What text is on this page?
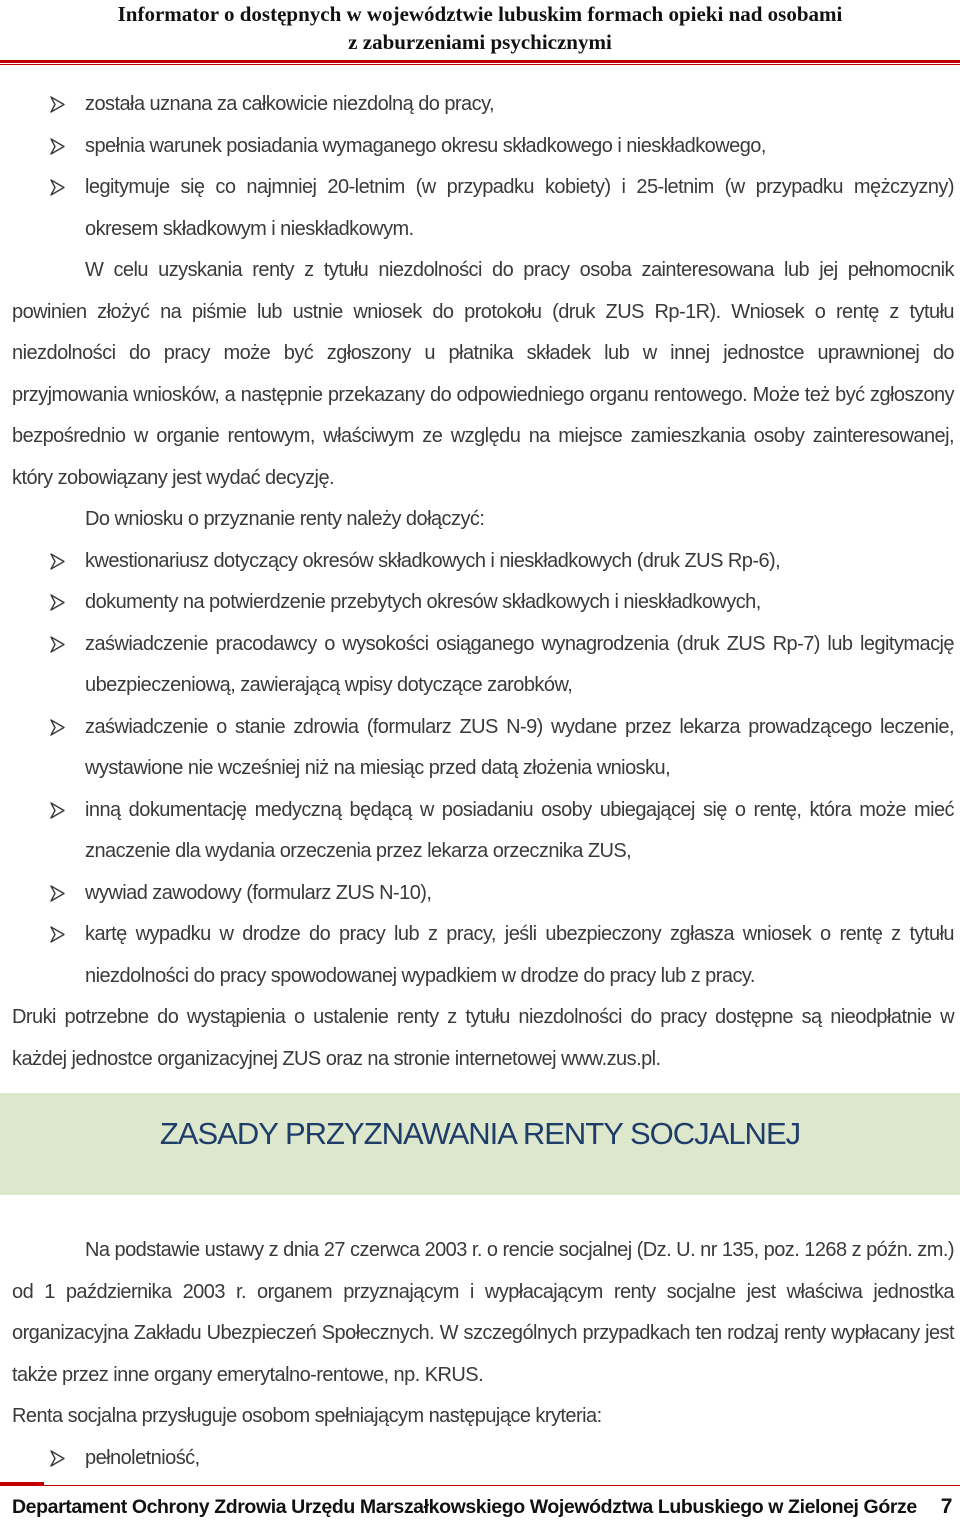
Informator o dostępnych w województwie lubuskim formach opieki nad osobami
z zaburzeniami psychicznymi
została uznana za całkowicie niezdolną do pracy,
spełnia warunek posiadania wymaganego okresu składkowego i nieskładkowego,
legitymuje się co najmniej 20-letnim (w przypadku kobiety) i 25-letnim (w przypadku mężczyzny) okresem składkowym i nieskładkowym.

W celu uzyskania renty z tytułu niezdolności do pracy osoba zainteresowana lub jej pełnomocnik powinien złożyć na piśmie lub ustnie wniosek do protokołu (druk ZUS Rp-1R). Wniosek o rentę z tytułu niezdolności do pracy może być zgłoszony u płatnika składek lub w innej jednostce uprawnionej do przyjmowania wniosków, a następnie przekazany do odpowiedniego organu rentowego. Może też być zgłoszony bezpośrednio w organie rentowym, właściwym ze względu na miejsce zamieszkania osoby zainteresowanej, który zobowiązany jest wydać decyzję.

Do wniosku o przyznanie renty należy dołączyć:

kwestionariusz dotyczący okresów składkowych i nieskładkowych (druk ZUS Rp-6),
dokumenty na potwierdzenie przebytych okresów składkowych i nieskładkowych,
zaświadczenie pracodawcy o wysokości osiąganego wynagrodzenia (druk ZUS Rp-7) lub legitymację ubezpieczeniową, zawierającą wpisy dotyczące zarobków,
zaświadczenie o stanie zdrowia (formularz ZUS N-9) wydane przez lekarza prowadzącego leczenie, wystawione nie wcześniej niż na miesiąc przed datą złożenia wniosku,
inną dokumentację medyczną będącą w posiadaniu osoby ubiegającej się o rentę, która może mieć znaczenie dla wydania orzeczenia przez lekarza orzecznika ZUS,
wywiad zawodowy (formularz ZUS N-10),
kartę wypadku w drodze do pracy lub z pracy, jeśli ubezpieczony zgłasza wniosek o rentę z tytułu niezdolności do pracy spowodowanej wypadkiem w drodze do pracy lub z pracy.

Druki potrzebne do wystąpienia o ustalenie renty z tytułu niezdolności do pracy dostępne są nieodpłatnie w każdej jednostce organizacyjnej ZUS oraz na stronie internetowej www.zus.pl.

ZASADY PRZYZNAWANIA RENTY SOCJALNEJ

Na podstawie ustawy z dnia 27 czerwca 2003 r. o rencie socjalnej (Dz. U. nr 135, poz. 1268 z późn. zm.) od 1 października 2003 r. organem przyznającym i wypłacającym renty socjalne jest właściwa jednostka organizacyjna Zakładu Ubezpieczeń Społecznych. W szczególnych przypadkach ten rodzaj renty wypłacany jest także przez inne organy emerytalno-rentowe, np. KRUS.

Renta socjalna przysługuje osobom spełniającym następujące kryteria:

pełnoletniość,
Departament Ochrony Zdrowia Urzędu Marszałkowskiego Województwa Lubuskiego w Zielonej Górze 7
